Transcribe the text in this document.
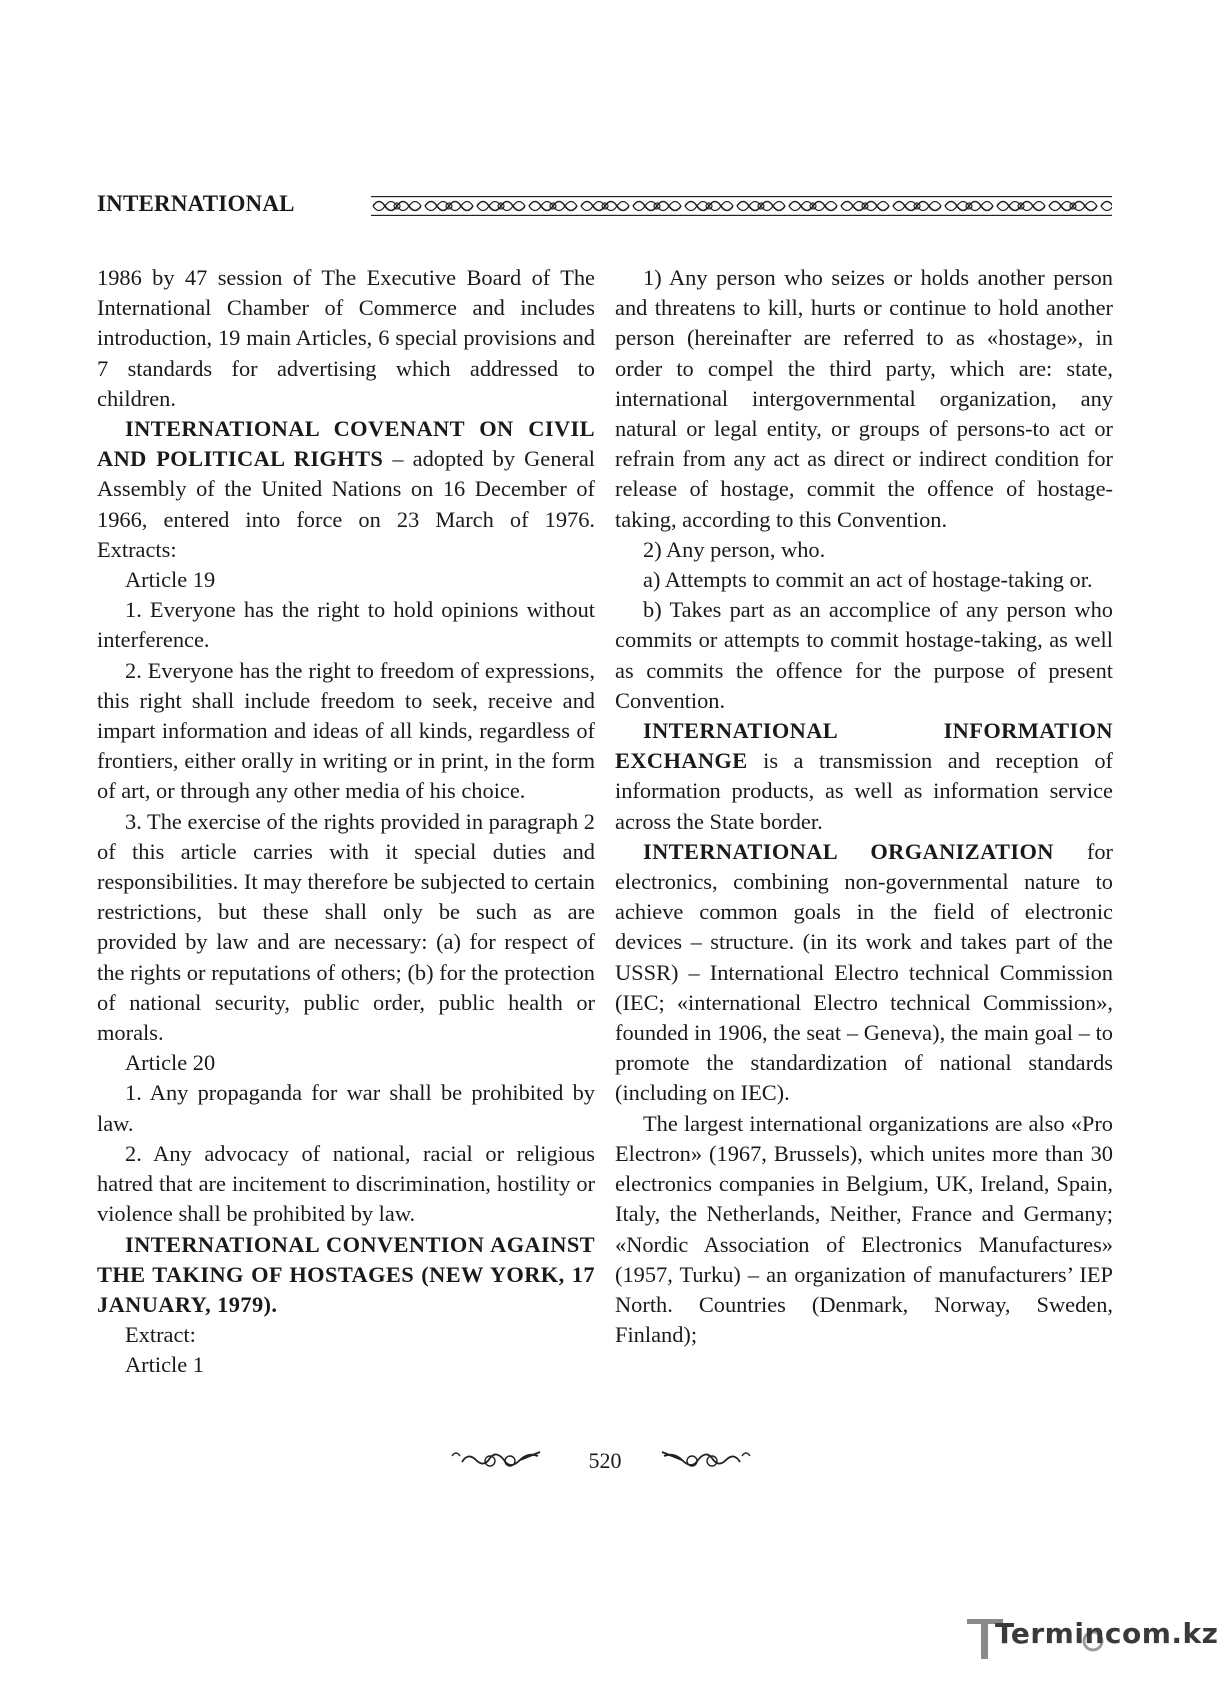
INTERNATIONAL

1986 by 47 session of The Executive Board of The International Chamber of Commerce and includes introduction, 19 main Articles, 6 special provisions and 7 standards for advertising which addressed to children.

INTERNATIONAL COVENANT ON CIVIL AND POLITICAL RIGHTS – adopted by General Assembly of the United Nations on 16 December of 1966, entered into force on 23 March of 1976. Extracts:

Article 19

1. Everyone has the right to hold opinions without interference.

2. Everyone has the right to freedom of expressions, this right shall include freedom to seek, receive and impart information and ideas of all kinds, regardless of frontiers, either orally in writing or in print, in the form of art, or through any other media of his choice.

3. The exercise of the rights provided in paragraph 2 of this article carries with it special duties and responsibilities. It may therefore be subjected to certain restrictions, but these shall only be such as are provided by law and are necessary: (a) for respect of the rights or reputations of others; (b) for the protection of national security, public order, public health or morals.

Article 20

1. Any propaganda for war shall be prohibited by law.

2. Any advocacy of national, racial or religious hatred that are incitement to discrimination, hostility or violence shall be prohibited by law.

INTERNATIONAL CONVENTION AGAINST THE TAKING OF HOSTAGES (NEW YORK, 17 JANUARY, 1979).

Extract:

Article 1

1) Any person who seizes or holds another person and threatens to kill, hurts or continue to hold another person (hereinafter are referred to as «hostage», in order to compel the third party, which are: state, international intergovernmental organization, any natural or legal entity, or groups of persons-to act or refrain from any act as direct or indirect condition for release of hostage, commit the offence of hostage-taking, according to this Convention.

2) Any person, who.

a) Attempts to commit an act of hostage-taking or.

b) Takes part as an accomplice of any person who commits or attempts to commit hostage-taking, as well as commits the offence for the purpose of present Convention.

INTERNATIONAL INFORMATION EXCHANGE is a transmission and reception of information products, as well as information service across the State border.

INTERNATIONAL ORGANIZATION for electronics, combining non-governmental nature to achieve common goals in the field of electronic devices – structure. (in its work and takes part of the USSR) – International Electro technical Commission (IEC; «international Electro technical Commission», founded in 1906, the seat – Geneva), the main goal – to promote the standardization of national standards (including on IEC).

The largest international organizations are also «Pro Electron» (1967, Brussels), which unites more than 30 electronics companies in Belgium, UK, Ireland, Spain, Italy, the Netherlands, Neither, France and Germany; «Nordic Association of Electronics Manufactures» (1957, Turku) – an organization of manufacturers’ IEP North. Countries (Denmark, Norway, Sweden, Finland);

520
Termincom.kz
